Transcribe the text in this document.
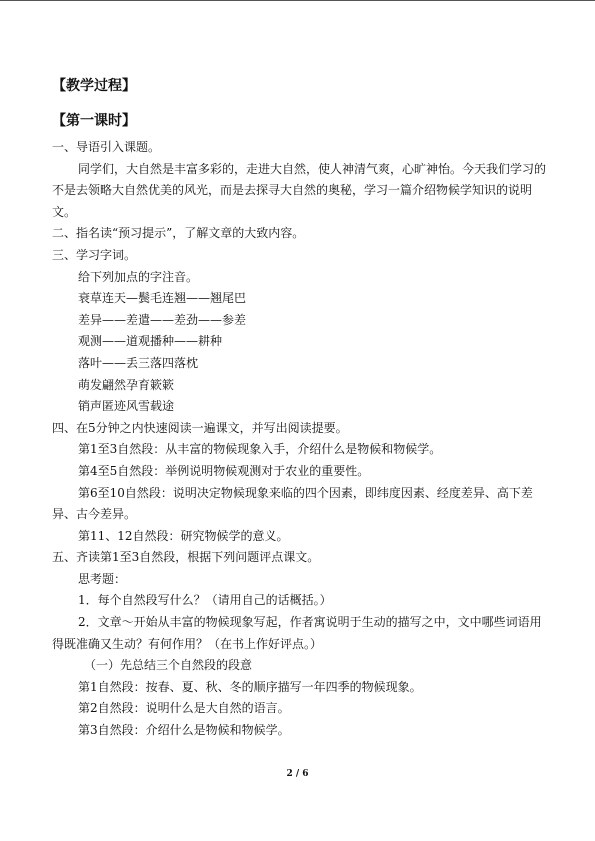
【教学过程】
【第一课时】

一、导语引入课题。

同学们，大自然是丰富多彩的，走进大自然，使人神清气爽，心旷神怡。今天我们学习的不是去领略大自然优美的风光，而是去探寻大自然的奥秘，学习一篇介绍物候学知识的说明文。

二、指名读“预习提示”，了解文章的大致内容。

三、学习字词。

给下列加点的字注音。

衰草连天—鬓毛连翘——翘尾巴

差异——差遣——差劲——参差

观测——道观播种——耕种

落叶——丢三落四落枕

萌发翩然孕育簌簌

销声匿迹风雪载途

四、在5分钟之内快速阅读一遍课文，并写出阅读提要。

第1至3自然段：从丰富的物候现象入手，介绍什么是物候和物候学。

第4至5自然段：举例说明物候观测对于农业的重要性。

第6至10自然段：说明决定物候现象来临的四个因素，即纬度因素、经度差异、高下差异、古今差异。

第11、12自然段：研究物候学的意义。

五、齐读第1至3自然段，根据下列问题评点课文。

思考题：

1．每个自然段写什么？（请用自己的话概括。）

2．文章～开始从丰富的物候现象写起，作者寓说明于生动的描写之中，文中哪些词语用得既准确又生动？有何作用？（在书上作好评点。）

（一）先总结三个自然段的段意

第1自然段：按春、夏、秋、冬的顺序描写一年四季的物候现象。

第2自然段：说明什么是大自然的语言。

第3自然段：介绍什么是物候和物候学。

2 / 6
